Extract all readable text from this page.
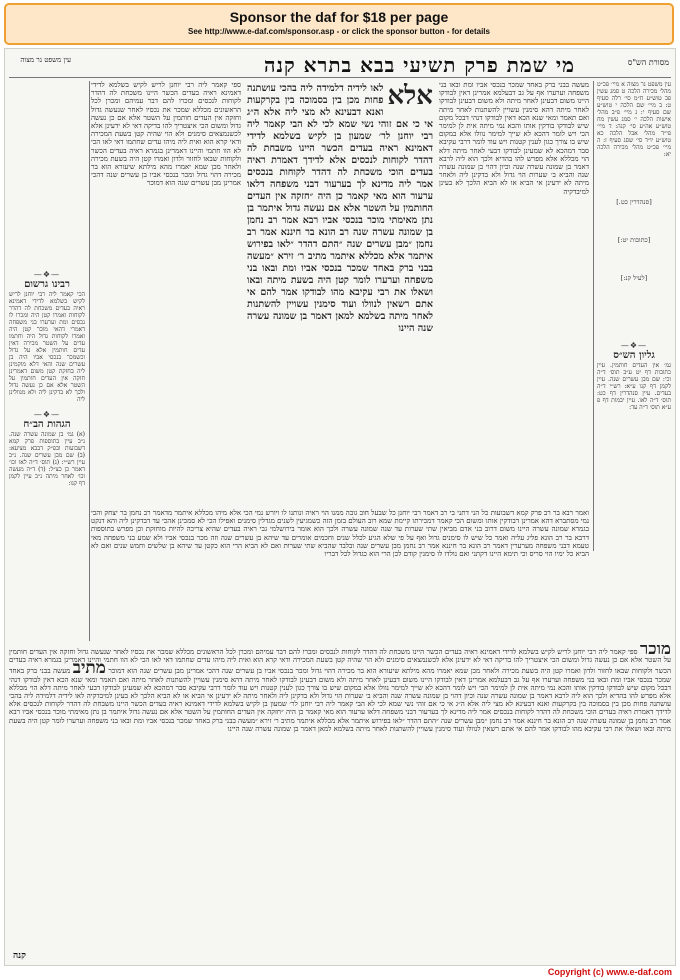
Sponsor the daf for $18 per page
See http://www.e-daf.com/sponsor.asp - or click the sponsor button - for details
מסורת הש"ס
מי שמת פרק תשיעי בבא בתרא קנה
עין משפט נר מצוה
עין משפט נר מצוה א מיי׳ פכ״ט מהל׳ מכירה הלכה ט סמג עשין פב טוש״ע ח״מ סי׳ רלה סעיף ט: ב מיי׳ שם הלכה י טוש״ע שם סעיף י: ג מיי׳ פ״ב מהל׳ אישות הלכה י׳ סמג עשין מח טוש״ע אה״ע סי׳ קנה: ד מיי׳ פי״ד מהל׳ אבל הלכה כא טוש״ע יו״ד סי׳ שסג סעיף ז: ה מיי׳ פכ״ט מהל׳ מכירה הלכה יא:
[סנהדרין כט.]
[כתובות יט:]
[לעיל קנ:]
—❖—
גליון הש״ס
גמ׳ אין העדים חותמין. עיין כתובות דף יט ע״ב תוס׳ ד״ה וכי: שם מבן עשרים שנה. עיין לקמן דף קנו ע״א: רש״י ד״ה בעדים. עיין סנהדרין דף כט: תוס׳ ד״ה לאו. עיין יבמות דף פ ע״א תוס׳ ד״ה עד:
מעשה בבני ברק באחד שמכר בנכסי אביו ומת ובאו בני משפחה וערערו אף על גב דבעלמא אמרינן דאין לבודקו היינו משום דבעינן לאחר מיתה ולא משום דבעינן לבודקו לאחר מיתה דהא סימנין עשויין להשתנות לאחר מיתה ואם תאמר ומאי שנא הכא דאין לבודקו דנהי דבכל מקום שיש לבודקו בודקין אותו והכא נמי מיתה אית לן למימר הכי ויש לומר דהכא לא שייך למימר נוולו אלא במקום שיש בו צורך כגון לענין קטנות ויש עוד לומר דרבי עקיבא סבר דמהכא לא שמעינן לבודקו דבעי לאחר מיתה דלא הוי מכללא אלא מפרש להו בהדיא ולכך הוא ליה לרבא דאמר בן שמונה עשרה שנה וכיון דהוי בן שמונה עשרה שנה והביא ב׳ שערות הוי גדול ולא בדקינן ליה ולאחר מיתה לא ידעינן אי הביא או לא הביא הלכך לא בעינן למיבדקיה
אלא
לאו לידיה דלמידה ליה בהכי עושתנה פחות מכן בין בסמוכה בין בקרקעות ואנא דבעינא לא מצי ליה אלא ה״ג אי כי אם זוהי נשי שמא לכי לא הבי קאמר ליה רבי יוחנן לר׳ שמעון בן לקיש בשלמא לדידי דאמינא ראיה בעדים הכשר היינו משבחת לה דהדר לקוחות לנכסים אלא לדידך דאמרת ראיה בעדים הוכי משכחת לה דהדר לקוחות בנכסים אמר ליה מדינא לך בערעור דבני משפחה דלאו ערעור הוא מאי קאמר כן היה ״חזקה אין העדים החותמין על השטר אלא אם נעשה גדול איתמר בן נתן מאימתי מוכר בנכסי אביו רבא אמר רב נחמן בן שמונה עשרה שנה רב הונא בר חיננא אמר רב נחמן ״מבן עשרים שנה ״התם דהדר ״לאו בפירוש איתמר אלא מכללא איתמר מתיב ר׳ זירא ״מעשה בבני ברק באחד שמכר בנכסי אביו ומת ובאו בני משפחה וערערו לומר קטן היה בשעת מיתה ובאו ושאלו את רבי עקיבא מהו לבודקו אמר להם אי אתם רשאין לנוולו ועוד סימנין עשויין להשתנות לאחר מיתה בשלמא למאן דאמר בן שמונה עשרה שנה היינו
ספי קאמר ליה רבי יוחנן לריש לקיש בשלמא לדידי דאמינא ראיה בעדים הכשר היינו משכחת לה דהדר לקוחות לנכסים ומכרו להם דבר עמיהם ומכרן לכל הראשונים מכללא שמכר את נכסיו לאחר שנעשה גדול וחזקה אין העדים חותמין על השטר אלא אם כן נעשה גדול ומשום הכי איצטריך להו בדיקה דאי לא ידעינן אלא לכשנמצאים סימנים ולא הוי שהיה קטן בשעת המכירה ודאי קרא הוא ואית ליה מיהו עדים שחתמו דאי לאו הכי לא הוו חתמי והיינו דאמרינן בגמרא ראיה בעדים הכשר ולקוחות שבאו לחזור ולדון ואמרו קטן היה בשעת מכירה ולאחר מכן שמא יאמרו מהא מילתא שיעורא הוא בר מכירה דהוי גדול ומכר בנכסי אביו בן עשרים שנה דהכי אמרינן מבן עשרים שנה הוא דמוכר
—❖—
רבינו גרשום
הכי קאמר ליה רבי יוחנן לריש לקיש בשלמא לדידי דאמינא ראיה בעדים משכחת לה דהדר לקוחות ואמרו קטן היה ומכרו לו נכסים ומת וערערו בני משפחה דאמרי דהאי מוכר קטן היה ואמרו לקוחות גדול היה וחתמו עדים על השטר מכירה דאין עדים חותמין אלא על גדול וכשמכר בנכסי אביו היה בן עשרים שנה והאי דלא מוקמינן ליה בחזקת קטן משום דאמרינן חזקה אין העדים חותמין על השטר אלא אם כן נעשה גדול ולכך לא בדקינן ליה ולא מנוולינן ליה
—❖—
הגהות הב״ח
(א) גמ׳ בן שמונה עשרה שנה. נ״ב עיין בתוספות פרק קמא דשבועות ובפ״ק דבבא מציעא: (ב) שם מבן עשרים שנה. נ״ב עיין רש״י: (ג) תוס׳ ד״ה לאו וכו׳ דאמר כן כצ״ל: (ד) ד״ה מעשה וכו׳ לאחר מיתה נ״ב עיין לקמן דף קנו:
ואמר רבא בר רב פרק קמא דשבועות כל הני דתני בי רב דאמר רבי יוחנן כל שבעל חוב גובה ממנו הוי ראיה ונותנו לו ויורש נמי הכי אלא מיהו מכללא איתמר מדאמר רב נחמן בר יצחק והכי נמי מסתברא דהא אמרינן דבודקין אותו ומשום הכי קאמר דמכירתו קיימת שמא רוב העולם בזמן הזה כשמגיעין לשנים מגדלין סימנים ואפילו הכי לא סמכינן אהכי עד דבדקינן ליה והא דנקט בגמרא שמונה עשרה היינו משום דרוב בני אדם מביאין שתי שערות עד שנה שמונה עשרה ולכך הוא אומר בירושלמי גבי ראיה בעדים שהיא צריכה להיות מוחזקת וכן מפרש בתוספות דרבא בר רב הונא פליג עליה ואמר כל שיש לו סימנים גדול ואף על פי שלא הגיע לכלל שנים וחכמים אומרים עד שיהא בן עשרים שנה וזה מכר בנכסי אביו ולא שמע בני משפחה מאי טעמא דבני משפחה מערערין דאמר רב הונא בר חיננא אמר רב נחמן מבן עשרים שנה ובלבד שהביא שתי שערות ואם לא הביא הרי הוא כקטן עד שיהא בן שלשים וחמש שנים ואם לא הביא כל ימיו הוי סריס וכי תימא היינו דקתני ואם נולדו לו סימנין קודם לכן הרי הוא כגדול לכל דבריו
מוכר ספי קאמר ליה רבי יוחנן לריש לקיש בשלמא לדידי דאמינא ראיה בעדים הכשר היינו משכחת לה דהדר לקוחות לנכסים ומכרו להם דבר עמיהם ומכרן לכל הראשונים מכללא שמכר את נכסיו לאחר שנעשה גדול וחזקה אין העדים חותמין על השטר אלא אם כן נעשה גדול ומשום הכי איצטריך להו בדיקה דאי לא ידעינן אלא לכשנמצאים סימנים ולא הוי שהיה קטן בשעת המכירה ודאי קרא הוא ואית ליה מיהו עדים שחתמו דאי לאו הכי לא הוו חתמי והיינו דאמרינן בגמרא ראיה בעדים הכשר ולקוחות שבאו לחזור ולדון ואמרו קטן היה בשעת מכירה ולאחר מכן שמא יאמרו מהא מילתא שיעורא הוא בר מכירה דהוי גדול ומכר בנכסי אביו בן עשרים שנה דהכי אמרינן מבן עשרים שנה הוא דמוכר מתיב מעשה בבני ברק באחד שמכר בנכסי אביו ומת ובאו בני משפחה וערערו אף על גב דבעלמא אמרינן דאין לבודקו היינו משום דבעינן לאחר מיתה ולא משום דבעינן לבודקו לאחר מיתה דהא סימנין עשויין להשתנות לאחר מיתה ואם תאמר ומאי שנא הכא דאין לבודקו דנהי דבכל מקום שיש לבודקו בודקין אותו והכא נמי מיתה אית לן למימר הכי ויש לומר דהכא לא שייך למימר נוולו אלא במקום שיש בו צורך כגון לענין קטנות ויש עוד לומר דרבי עקיבא סבר דמהכא לא שמעינן לבודקו דבעי לאחר מיתה דלא הוי מכללא אלא מפרש להו בהדיא ולכך הוא ליה לרבא דאמר בן שמונה עשרה שנה וכיון דהוי בן שמונה עשרה שנה והביא ב׳ שערות הוי גדול ולא בדקינן ליה ולאחר מיתה לא ידעינן אי הביא או לא הביא הלכך לא בעינן למיבדקיה לאו לידיה דלמידה ליה בהכי עושתנה פחות מכן בין בסמוכה בין בקרקעות ואנא דבעינא לא מצי ליה אלא ה״ג אי כי אם זוהי נשי שמא לכי לא הבי קאמר ליה רבי יוחנן לר׳ שמעון בן לקיש בשלמא לדידי דאמינא ראיה בעדים הכשר היינו משבחת לה דהדר לקוחות לנכסים אלא לדידך דאמרת ראיה בעדים הוכי משכחת לה דהדר לקוחות בנכסים אמר ליה מדינא לך בערעור דבני משפחה דלאו ערעור הוא מאי קאמר כן היה ״חזקה אין העדים החותמין על השטר אלא אם נעשה גדול איתמר בן נתן מאימתי מוכר בנכסי אביו רבא אמר רב נחמן בן שמונה עשרה שנה רב הונא בר חיננא אמר רב נחמן ״מבן עשרים שנה ״התם דהדר ״לאו בפירוש איתמר אלא מכללא איתמר מתיב ר׳ זירא ״מעשה בבני ברק באחד שמכר בנכסי אביו ומת ובאו בני משפחה וערערו לומר קטן היה בשעת מיתה ובאו ושאלו את רבי עקיבא מהו לבודקו אמר להם אי אתם רשאין לנוולו ועוד סימנין עשויין להשתנות לאחר מיתה בשלמא למאן דאמר בן שמונה עשרה שנה היינו
קנה
Copyright (c) www.e-daf.com
